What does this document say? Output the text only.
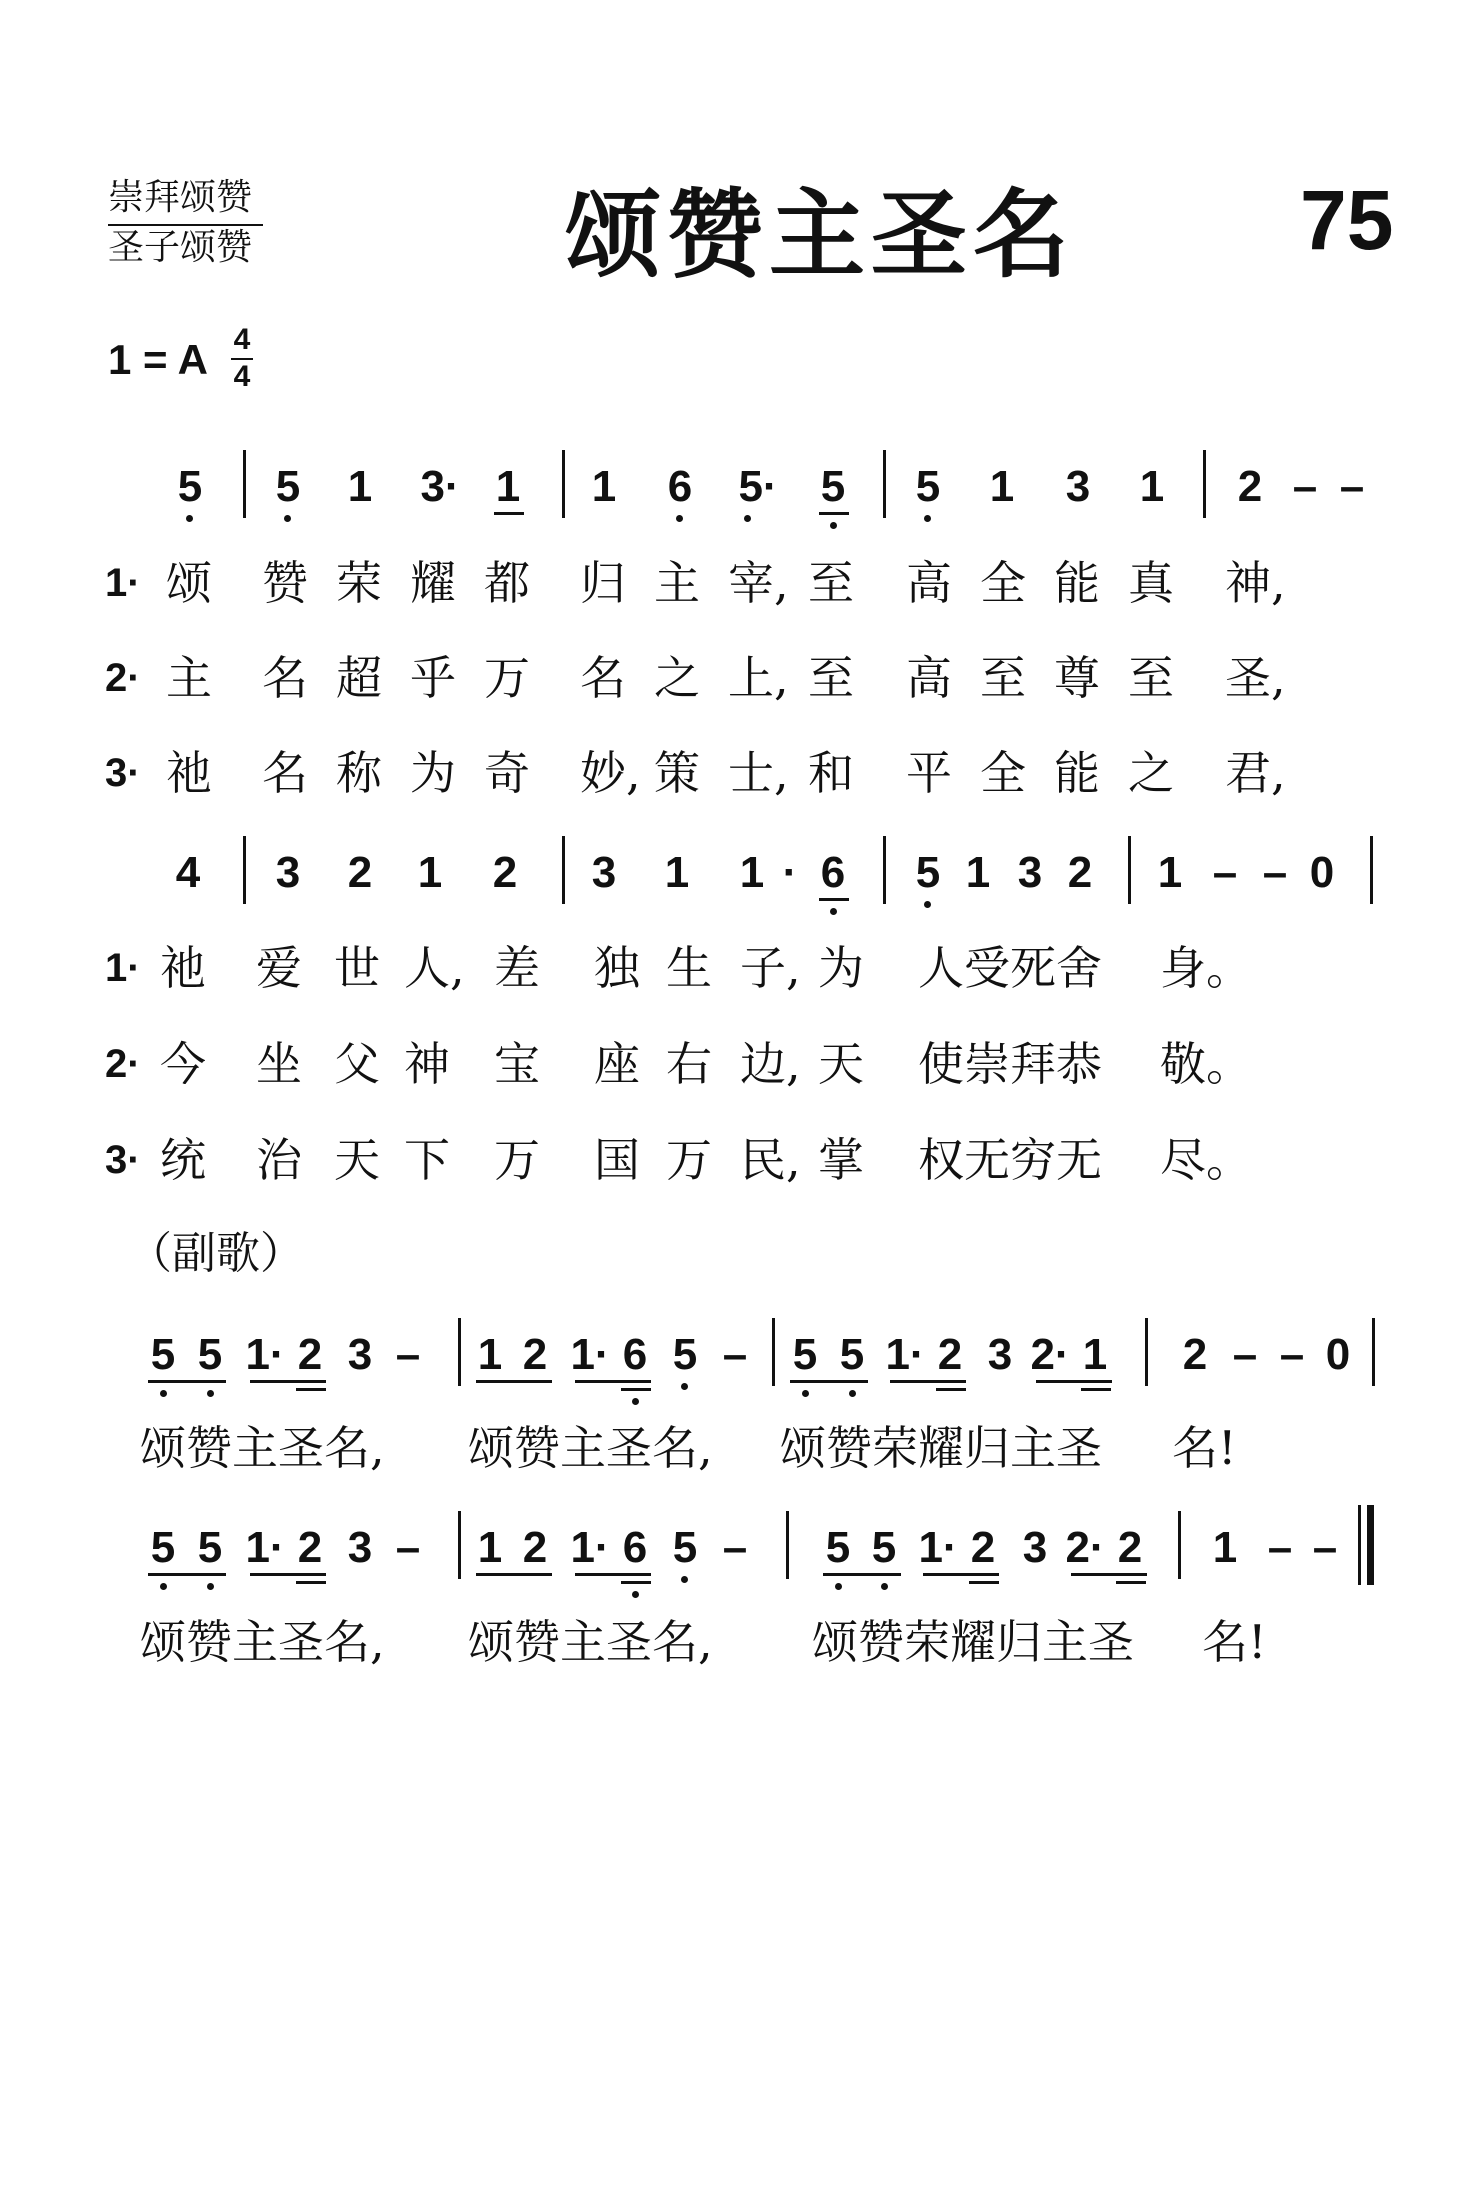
崇拜颂赞
圣子颂赞	颂赞主圣名	75
1 = A 4
4
5 5 1 3· 1 1 6 5· 5 5 1 3 1 2 – –
1· 颂 赞 荣 耀 都 归 主 宰, 至 高 全 能 真 神,
2· 主 名 超 乎 万 名 之 上, 至 高 至 尊 至 圣,
3· 祂 名 称 为 奇 妙, 策 士, 和 平 全 能 之 君,
4 3 2 1 2 3 1 1 · 6 5 1 3 2 1 – – 0
1· 祂 爱 世 人, 差 独 生 子, 为 人受死舍 身。
2· 今 坐 父 神 宝 座 右 边, 天 使崇拜恭 敬。
3· 统 治 天 下 万 国 万 民, 掌 权无穷无 尽。
（副歌）
5 5 1· 2 3 – 1 2 1· 6 5 – 5 5 1· 2 3 2· 1 2 – – 0
颂赞主圣名, 颂赞主圣名, 颂赞荣耀归主圣 名!
5 5 1· 2 3 – 1 2 1· 6 5 – 5 5 1· 2 3 2· 2 1 – –
颂赞主圣名, 颂赞主圣名, 颂赞荣耀归主圣 名!
